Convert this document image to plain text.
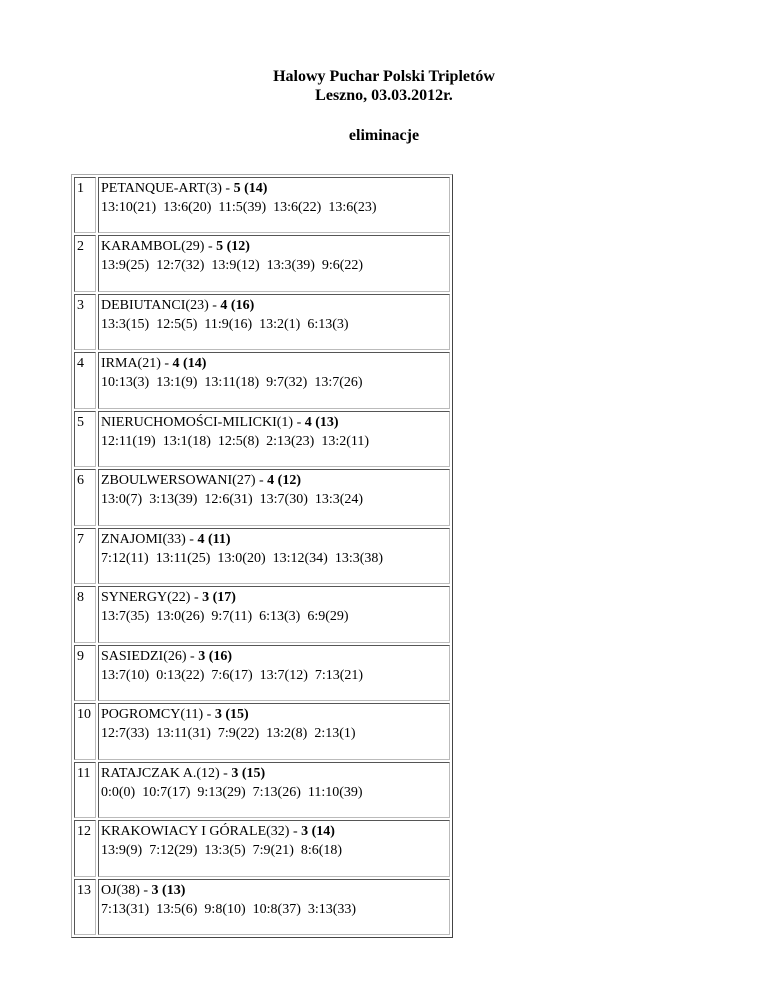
Halowy Puchar Polski Tripletów
Leszno, 03.03.2012r.
eliminacje
1	PETANQUE-ART(3) - 5 (14)
13:10(21)  13:6(20)  11:5(39)  13:6(22)  13:6(23)
2	KARAMBOL(29) - 5 (12)
13:9(25)  12:7(32)  13:9(12)  13:3(39)  9:6(22)
3	DEBIUTANCI(23) - 4 (16)
13:3(15)  12:5(5)  11:9(16)  13:2(1)  6:13(3)
4	IRMA(21) - 4 (14)
10:13(3)  13:1(9)  13:11(18)  9:7(32)  13:7(26)
5	NIERUCHOMOŚCI-MILICKI(1) - 4 (13)
12:11(19)  13:1(18)  12:5(8)  2:13(23)  13:2(11)
6	ZBOULWERSOWANI(27) - 4 (12)
13:0(7)  3:13(39)  12:6(31)  13:7(30)  13:3(24)
7	ZNAJOMI(33) - 4 (11)
7:12(11)  13:11(25)  13:0(20)  13:12(34)  13:3(38)
8	SYNERGY(22) - 3 (17)
13:7(35)  13:0(26)  9:7(11)  6:13(3)  6:9(29)
9	SASIEDZI(26) - 3 (16)
13:7(10)  0:13(22)  7:6(17)  13:7(12)  7:13(21)
10 POGROMCY(11) - 3 (15)
12:7(33)  13:11(31)  7:9(22)  13:2(8)  2:13(1)
11 RATAJCZAK A.(12) - 3 (15)
0:0(0)  10:7(17)  9:13(29)  7:13(26)  11:10(39)
12 KRAKOWIACY I GÓRALE(32) - 3 (14)
13:9(9)  7:12(29)  13:3(5)  7:9(21)  8:6(18)
13 OJ(38) - 3 (13)
7:13(31)  13:5(6)  9:8(10)  10:8(37)  3:13(33)
